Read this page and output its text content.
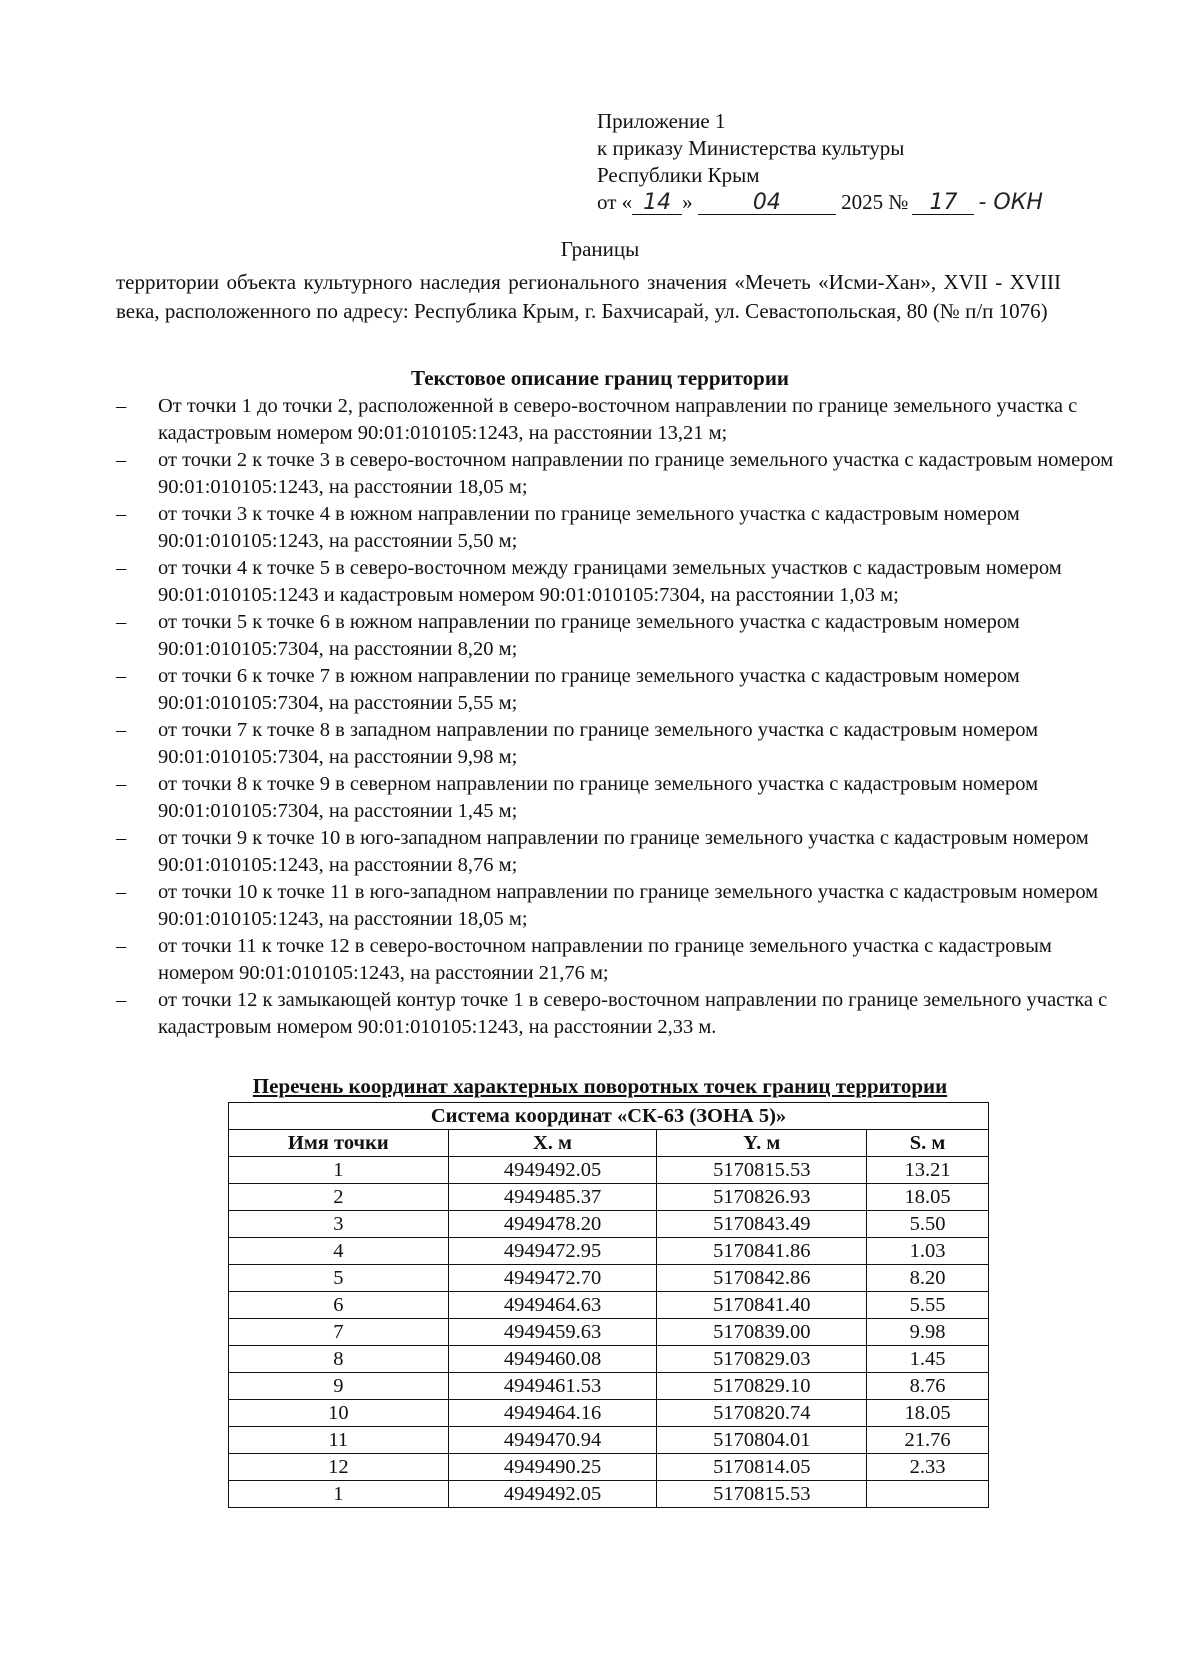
Приложение 1
к приказу Министерства культуры
Республики Крым
от « 14 »	04	2025 № 17 - ОКН
Границы
территории объекта культурного наследия регионального значения «Мечеть «Исми-Хан», XVII - XVIII века, расположенного по адресу: Республика Крым, г. Бахчисарай, ул. Севастопольская, 80 (№ п/п 1076)
Текстовое описание границ территории
– От точки 1 до точки 2, расположенной в северо-восточном направлении по границе земельного участка с кадастровым номером 90:01:010105:1243, на расстоянии 13,21 м;
– от точки 2 к точке 3 в северо-восточном направлении по границе земельного участка с кадастровым номером 90:01:010105:1243, на расстоянии 18,05 м;
– от точки 3 к точке 4 в южном направлении по границе земельного участка с кадастровым номером 90:01:010105:1243, на расстоянии 5,50 м;
– от точки 4 к точке 5 в северо-восточном между границами земельных участков с кадастровым номером 90:01:010105:1243 и кадастровым номером 90:01:010105:7304, на расстоянии 1,03 м;
– от точки 5 к точке 6 в южном направлении по границе земельного участка с кадастровым номером 90:01:010105:7304, на расстоянии 8,20 м;
– от точки 6 к точке 7 в южном направлении по границе земельного участка с кадастровым номером 90:01:010105:7304, на расстоянии 5,55 м;
– от точки 7 к точке 8 в западном направлении по границе земельного участка с кадастровым номером 90:01:010105:7304, на расстоянии 9,98 м;
– от точки 8 к точке 9 в северном направлении по границе земельного участка с кадастровым номером 90:01:010105:7304, на расстоянии 1,45 м;
– от точки 9 к точке 10 в юго-западном направлении по границе земельного участка с кадастровым номером 90:01:010105:1243, на расстоянии 8,76 м;
– от точки 10 к точке 11 в юго-западном направлении по границе земельного участка с кадастровым номером 90:01:010105:1243, на расстоянии 18,05 м;
– от точки 11 к точке 12 в северо-восточном направлении по границе земельного участка с кадастровым номером 90:01:010105:1243, на расстоянии 21,76 м;
– от точки 12 к замыкающей контур точке 1 в северо-восточном направлении по границе земельного участка с кадастровым номером 90:01:010105:1243, на расстоянии 2,33 м.
Перечень координат характерных поворотных точек границ территории
Система координат «СК-63 (ЗОНА 5)»			
Имя точки	X. м	Y. м	S. м
1	4949492.05	5170815.53	13.21
2	4949485.37	5170826.93	18.05
3	4949478.20	5170843.49	5.50
4	4949472.95	5170841.86	1.03
5	4949472.70	5170842.86	8.20
6	4949464.63	5170841.40	5.55
7	4949459.63	5170839.00	9.98
8	4949460.08	5170829.03	1.45
9	4949461.53	5170829.10	8.76
10	4949464.16	5170820.74	18.05
11	4949470.94	5170804.01	21.76
12	4949490.25	5170814.05	2.33
1	4949492.05	5170815.53	
